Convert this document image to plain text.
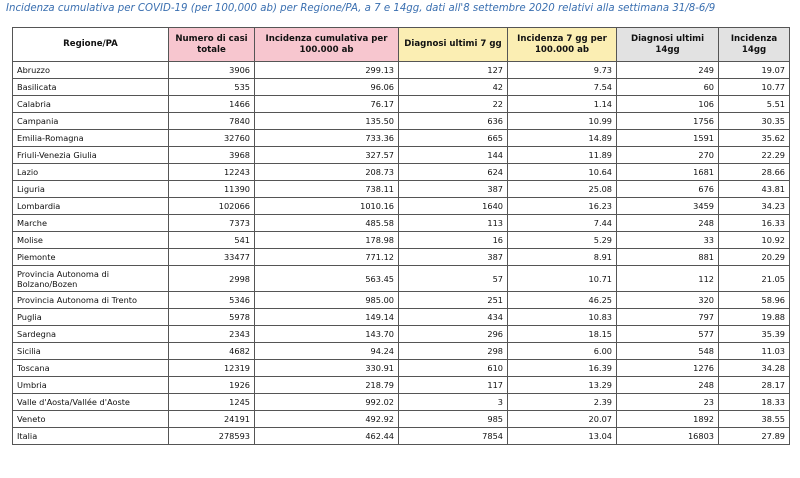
Incidenza cumulativa per COVID-19 (per 100,000 ab) per Regione/PA, a 7 e 14gg, dati all'8 settembre 2020 relativi alla settimana 31/8-6/9
Regione/PA	Numero di casi totale	Incidenza cumulativa per 100.000 ab	Diagnosi ultimi 7 gg	Incidenza 7 gg per 100.000 ab	Diagnosi ultimi 14gg	Incidenza 14gg
Abruzzo	3906	299.13	127	9.73	249	19.07
Basilicata	535	96.06	42	7.54	60	10.77
Calabria	1466	76.17	22	1.14	106	5.51
Campania	7840	135.50	636	10.99	1756	30.35
Emilia-Romagna	32760	733.36	665	14.89	1591	35.62
Friuli-Venezia Giulia	3968	327.57	144	11.89	270	22.29
Lazio	12243	208.73	624	10.64	1681	28.66
Liguria	11390	738.11	387	25.08	676	43.81
Lombardia	102066	1010.16	1640	16.23	3459	34.23
Marche	7373	485.58	113	7.44	248	16.33
Molise	541	178.98	16	5.29	33	10.92
Piemonte	33477	771.12	387	8.91	881	20.29
Provincia Autonoma di Bolzano/Bozen	2998	563.45	57	10.71	112	21.05
Provincia Autonoma di Trento	5346	985.00	251	46.25	320	58.96
Puglia	5978	149.14	434	10.83	797	19.88
Sardegna	2343	143.70	296	18.15	577	35.39
Sicilia	4682	94.24	298	6.00	548	11.03
Toscana	12319	330.91	610	16.39	1276	34.28
Umbria	1926	218.79	117	13.29	248	28.17
Valle d'Aosta/Vallée d'Aoste	1245	992.02	3	2.39	23	18.33
Veneto	24191	492.92	985	20.07	1892	38.55
Italia	278593	462.44	7854	13.04	16803	27.89
